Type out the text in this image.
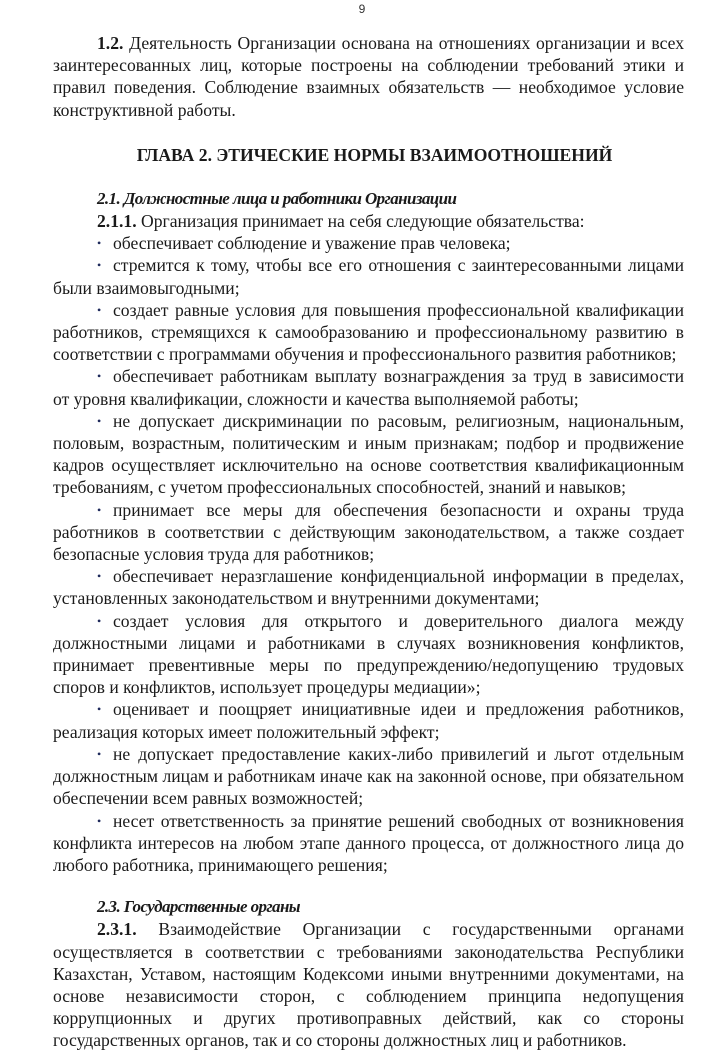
9

1.2. Деятельность Организации основана на отношениях организации и всех заинтересованных лиц, которые построены на соблюдении требований этики и правил поведения. Соблюдение взаимных обязательств — необходимое условие конструктивной работы.

ГЛАВА 2. ЭТИЧЕСКИЕ НОРМЫ ВЗАИМООТНОШЕНИЙ

2.1. Должностные лица и работники Организации

2.1.1. Организация принимает на себя следующие обязательства:

• обеспечивает соблюдение и уважение прав человека;

• стремится к тому, чтобы все его отношения с заинтересованными лицами были взаимовыгодными;

• создает равные условия для повышения профессиональной квалификации работников, стремящихся к самообразованию и профессиональному развитию в соответствии с программами обучения и профессионального развития работников;

• обеспечивает работникам выплату вознаграждения за труд в зависимости от уровня квалификации, сложности и качества выполняемой работы;

• не допускает дискриминации по расовым, религиозным, национальным, половым, возрастным, политическим и иным признакам; подбор и продвижение кадров осуществляет исключительно на основе соответствия квалификационным требованиям, с учетом профессиональных способностей, знаний и навыков;

• принимает все меры для обеспечения безопасности и охраны труда работников в соответствии с действующим законодательством, а также создает безопасные условия труда для работников;

• обеспечивает неразглашение конфиденциальной информации в пределах, установленных законодательством и внутренними документами;

• создает условия для открытого и доверительного диалога между должностными лицами и работниками в случаях возникновения конфликтов, принимает превентивные меры по предупреждению/недопущению трудовых споров и конфликтов, использует процедуры медиации»;

• оценивает и поощряет инициативные идеи и предложения работников, реализация которых имеет положительный эффект;

• не допускает предоставление каких-либо привилегий и льгот отдельным должностным лицам и работникам иначе как на законной основе, при обязательном обеспечении всем равных возможностей;

• несет ответственность за принятие решений свободных от возникновения конфликта интересов на любом этапе данного процесса, от должностного лица до любого работника, принимающего решения;

2.3. Государственные органы

2.3.1. Взаимодействие Организации с государственными органами осуществляется в соответствии с требованиями законодательства Республики Казахстан, Уставом, настоящим Кодексоми иными внутренними документами, на основе независимости сторон, с соблюдением принципа недопущения коррупционных и других противоправных действий, как со стороны государственных органов, так и со стороны должностных лиц и работников.
